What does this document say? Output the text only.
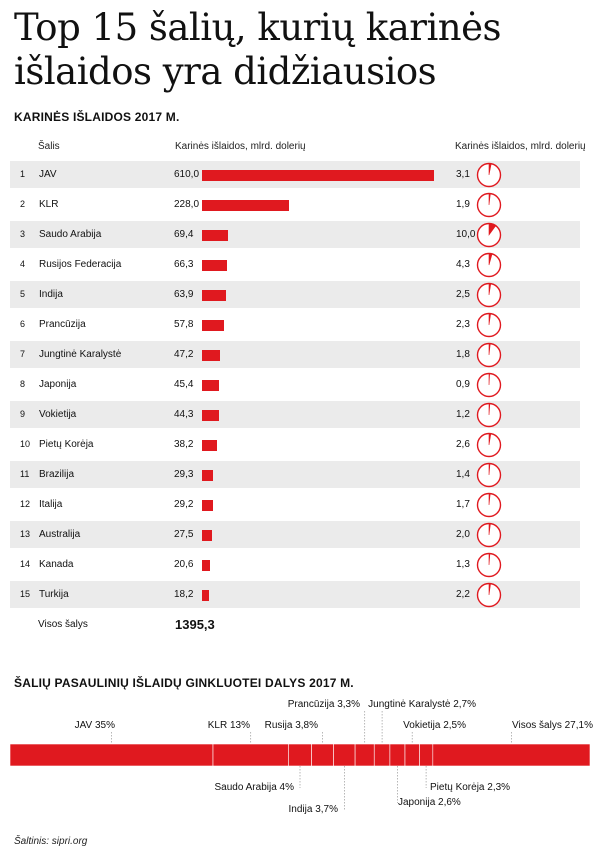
Top 15 šalių, kurių karinės išlaidos yra didžiausios
KARINĖS IŠLAIDOS 2017 M.
Šalis	Karinės išlaidos, mlrd. dolerių	Karinės išlaidos, mlrd. dolerių
1 JAV	610,0	3,1
2 KLR	228,0	1,9
3 Saudo Arabija	69,4	10,0
4 Rusijos Federacija	66,3	4,3
5 Indija	63,9	2,5
6 Prancūzija	57,8	2,3
7 Jungtinė Karalystė	47,2	1,8
8 Japonija	45,4	0,9
9 Vokietija	44,3	1,2
10 Pietų Korėja	38,2	2,6
11 Brazilija	29,3	1,4
12 Italija	29,2	1,7
13 Australija	27,5	2,0
14 Kanada	20,6	1,3
15 Turkija	18,2	2,2
Visos šalys	1395,3
ŠALIŲ PASAULINIŲ IŠLAIDŲ GINKLUOTEI DALYS 2017 M.
JAV 35%	KLR 13%
Saudo Arabija 4%
Rusija 3,8%
Indija 3,7%
Prancūzija 3,3% Jungtinė Karalystė 2,7%
Japonija 2,6%
Vokietija 2,5%
Pietų Korėja 2,3%
Visos šalys 27,1%
Šaltinis: sipri.org
